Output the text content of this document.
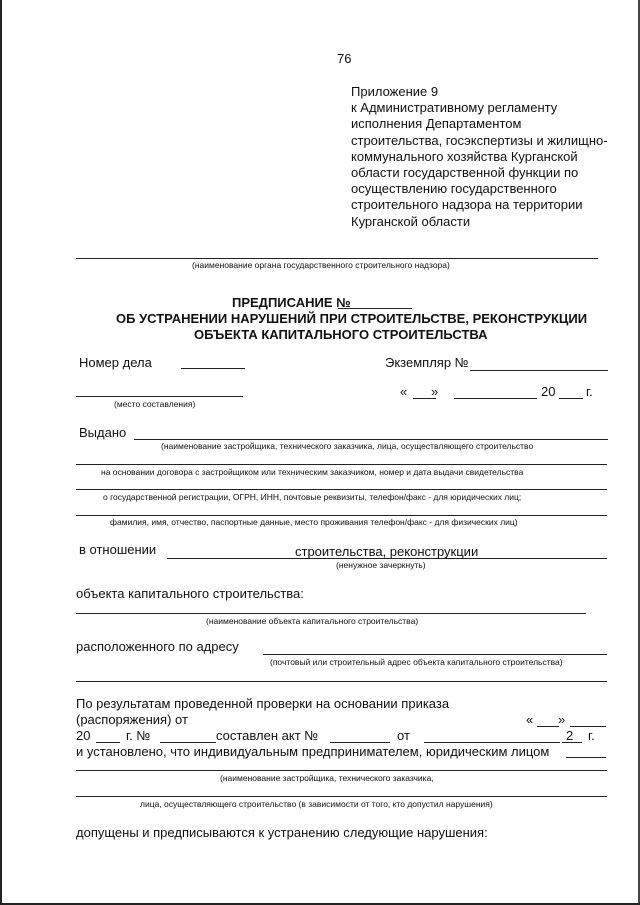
76
Приложение 9
к Административному регламенту
исполнения Департаментом
строительства, госэкспертизы и жилищно-
коммунального хозяйства Курганской
области государственной функции по
осуществлению государственного
строительного надзора на территории
Курганской области
(наименование органа государственного строительного надзора)
ПРЕДПИСАНИЕ №
ОБ УСТРАНЕНИИ НАРУШЕНИЙ ПРИ СТРОИТЕЛЬСТВЕ, РЕКОНСТРУКЦИИ
ОБЪЕКТА КАПИТАЛЬНОГО СТРОИТЕЛЬСТВА
Номер дела	Экземпляр №
(место составления)
« »	20 г.
Выдано
(наименование застройщика, технического заказчика, лица, осуществляющего строительство
на основании договора с застройщиком или техническим заказчиком, номер и дата выдачи свидетельства
о государственной регистрации, ОГРН, ИНН, почтовые реквизиты, телефон/факс - для юридических лиц;
фамилия, имя, отчество, паспортные данные, место проживания телефон/факс - для физических лиц)
в отношении	строительства, реконструкции
(ненужное зачеркнуть)
объекта капитального строительства:
(наименование объекта капитального строительства)
расположенного по адресу
(почтовый или строительный адрес объекта капитального строительства)
По результатам проведенной проверки на основании приказа
(распоряжения) от	« »
20	г. №	составлен акт №	от	2 г.
и установлено, что индивидуальным предпринимателем, юридическим лицом
(наименование застройщика, технического заказчика,
лица, осуществляющего строительство (в зависимости от того, кто допустил нарушения)
допущены и предписываются к устранению следующие нарушения:
